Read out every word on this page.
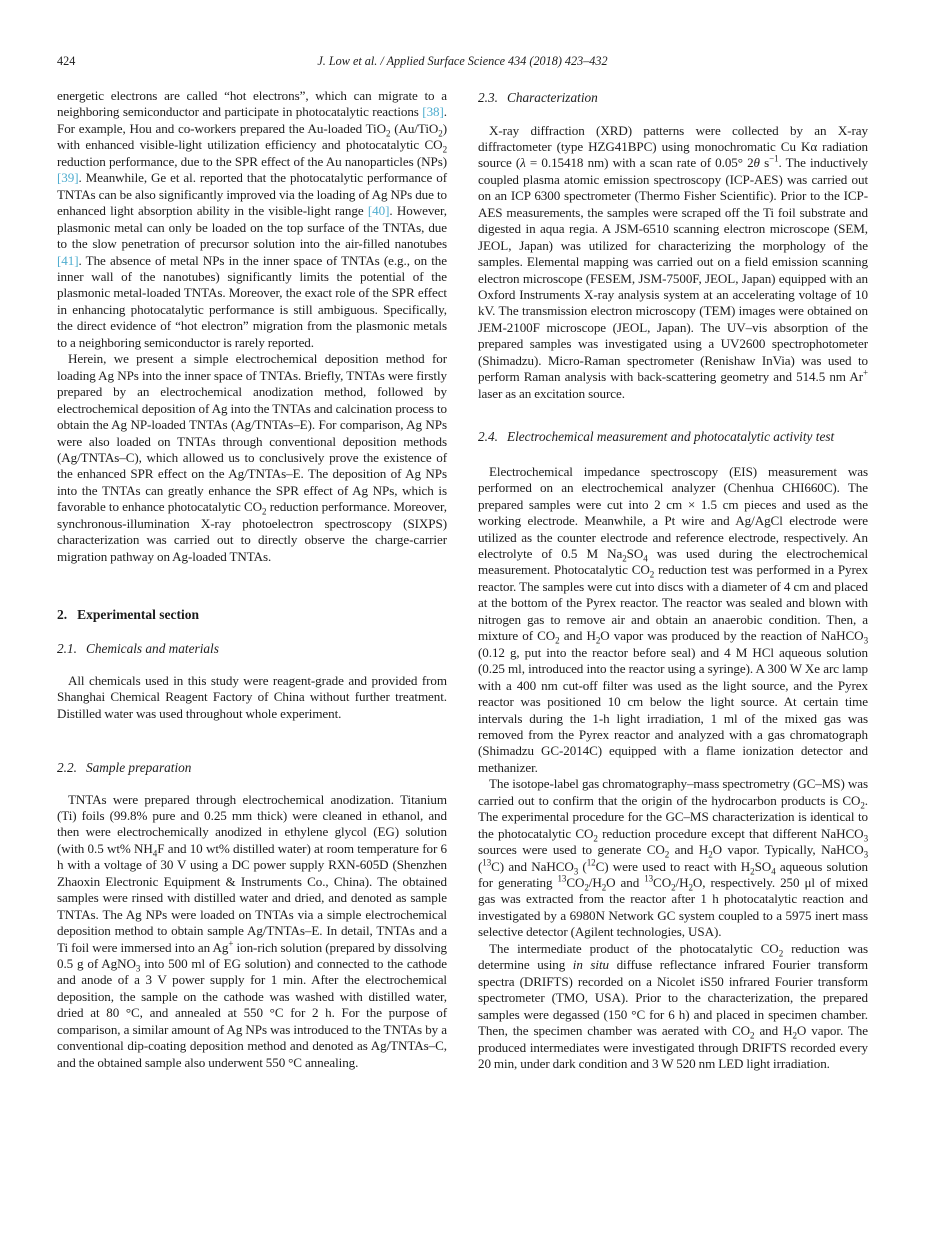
424	J. Low et al. / Applied Surface Science 434 (2018) 423–432

energetic electrons are called “hot electrons”, which can migrate to a neighboring semiconductor and participate in photocatalytic reactions [38]. For example, Hou and co-workers prepared the Au-loaded TiO$_2$ (Au/TiO$_2$) with enhanced visible-light utilization efficiency and photocatalytic $CO_2$ reduction performance, due to the SPR effect of the Au nanoparticles (NPs) [39]. Meanwhile, Ge et al. reported that the photocatalytic performance of TNTAs can be also significantly improved via the loading of Ag NPs due to enhanced light absorption ability in the visible-light range [40]. However, plasmonic metal can only be loaded on the top surface of the TNTAs, due to the slow penetration of precursor solution into the air-filled nanotubes [41]. The absence of metal NPs in the inner space of TNTAs (e.g., on the inner wall of the nanotubes) significantly limits the potential of the plasmonic metal-loaded TNTAs. Moreover, the exact role of the SPR effect in enhancing photocatalytic performance is still ambiguous. Specifically, the direct evidence of “hot electron” migration from the plasmonic metals to a neighboring semiconductor is rarely reported.

Herein, we present a simple electrochemical deposition method for loading Ag NPs into the inner space of TNTAs. Briefly, TNTAs were firstly prepared by an electrochemical anodization method, followed by electrochemical deposition of Ag into the TNTAs and calcination process to obtain the Ag NP-loaded TNTAs (Ag/TNTAs–E). For comparison, Ag NPs were also loaded on TNTAs through conventional deposition methods (Ag/TNTAs–C), which allowed us to conclusively prove the existence of the enhanced SPR effect on the Ag/TNTAs–E. The deposition of Ag NPs into the TNTAs can greatly enhance the SPR effect of Ag NPs, which is favorable to enhance photocatalytic $CO_2$ reduction performance. Moreover, synchronous-illumination X-ray photoelectron spectroscopy (SIXPS) characterization was carried out to directly observe the charge-carrier migration pathway on Ag-loaded TNTAs.

2. Experimental section
2.1. Chemicals and materials

All chemicals used in this study were reagent-grade and provided from Shanghai Chemical Reagent Factory of China without further treatment. Distilled water was used throughout whole experiment.

2.2. Sample preparation

TNTAs were prepared through electrochemical anodization. Titanium (Ti) foils (99.8% pure and 0.25 mm thick) were cleaned in ethanol, and then were electrochemically anodized in ethylene glycol (EG) solution (with 0.5 wt% $NH_4F$ and 10 wt% distilled water) at room temperature for 6 h with a voltage of 30 V using a DC power supply RXN-605D (Shenzhen Zhaoxin Electronic Equipment & Instruments Co., China). The obtained samples were rinsed with distilled water and dried, and denoted as sample TNTAs. The Ag NPs were loaded on TNTAs via a simple electrochemical deposition method to obtain sample Ag/TNTAs–E. In detail, TNTAs and a Ti foil were immersed into an Ag+ ion-rich solution (prepared by dissolving 0.5 g of AgNO$_3$ into 500 ml of EG solution) and connected to the cathode and anode of a 3 V power supply for 1 min. After the electrochemical deposition, the sample on the cathode was washed with distilled water, dried at 80 °C, and annealed at 550 °C for 2 h. For the purpose of comparison, a similar amount of Ag NPs was introduced to the TNTAs by a conventional dip-coating deposition method and denoted as Ag/TNTAs–C, and the obtained sample also underwent 550 °C annealing.

2.3. Characterization

X-ray diffraction (XRD) patterns were collected by an X-ray diffractometer (type HZG41BPC) using monochromatic Cu Kα radiation source (λ = 0.15418 nm) with a scan rate of 0.05° 2θ $s^{-1}$. The inductively coupled plasma atomic emission spectroscopy (ICP-AES) was carried out on an ICP 6300 spectrometer (Thermo Fisher Scientific). Prior to the ICP-AES measurements, the samples were scraped off the Ti foil substrate and digested in aqua regia. A JSM-6510 scanning electron microscope (SEM, JEOL, Japan) was utilized for characterizing the morphology of the samples. Elemental mapping was carried out on a field emission scanning electron microscope (FESEM, JSM-7500F, JEOL, Japan) equipped with an Oxford Instruments X-ray analysis system at an accelerating voltage of 10 kV. The transmission electron microscopy (TEM) images were obtained on JEM-2100F microscope (JEOL, Japan). The UV–vis absorption of the prepared samples was investigated using a UV2600 spectrophotometer (Shimadzu). Micro-Raman spectrometer (Renishaw InVia) was used to perform Raman analysis with back-scattering geometry and 514.5 nm Ar+ laser as an excitation source.

2.4. Electrochemical measurement and photocatalytic activity test

Electrochemical impedance spectroscopy (EIS) measurement was performed on an electrochemical analyzer (Chenhua CHI660C). The prepared samples were cut into 2 cm × 1.5 cm pieces and used as the working electrode. Meanwhile, a Pt wire and Ag/AgCl electrode were utilized as the counter electrode and reference electrode, respectively. An electrolyte of 0.5 M $Na_2SO_4$ was used during the electrochemical measurement. Photocatalytic $CO_2$ reduction test was performed in a Pyrex reactor. The samples were cut into discs with a diameter of 4 cm and placed at the bottom of the Pyrex reactor. The reactor was sealed and blown with nitrogen gas to remove air and obtain an anaerobic condition. Then, a mixture of $CO_2$ and $H_2O$ vapor was produced by the reaction of NaHCO$_3$ (0.12 g, put into the reactor before seal) and 4 M HCl aqueous solution (0.25 ml, introduced into the reactor using a syringe). A 300 W Xe arc lamp with a 400 nm cut-off filter was used as the light source, and the Pyrex reactor was positioned 10 cm below the light source. At certain time intervals during the 1-h light irradiation, 1 ml of the mixed gas was removed from the Pyrex reactor and analyzed with a gas chromatograph (Shimadzu GC-2014C) equipped with a flame ionization detector and methanizer.

The isotope-label gas chromatography–mass spectrometry (GC–MS) was carried out to confirm that the origin of the hydrocarbon products is $CO_2$. The experimental procedure for the GC–MS characterization is identical to the photocatalytic $CO_2$ reduction procedure except that different NaHCO$_3$ sources were used to generate $CO_2$ and $H_2O$ vapor. Typically, NaHCO$_3$ ($^{13}$C) and NaHCO$_3$ ($^{12}$C) were used to react with $H_2SO_4$ aqueous solution for generating $^{13}CO_2/H_2O$ and $^{13}CO_2/H_2O$, respectively. 250 μl of mixed gas was extracted from the reactor after 1 h photocatalytic reaction and investigated by a 6980N Network GC system coupled to a 5975 inert mass selective detector (Agilent technologies, USA).

The intermediate product of the photocatalytic $CO_2$ reduction was determine using in situ diffuse reflectance infrared Fourier transform spectra (DRIFTS) recorded on a Nicolet iS50 infrared Fourier transform spectrometer (TMO, USA). Prior to the characterization, the prepared samples were degassed (150 °C for 6 h) and placed in specimen chamber. Then, the specimen chamber was aerated with $CO_2$ and $H_2O$ vapor. The produced intermediates were investigated through DRIFTS recorded every 20 min, under dark condition and 3 W 520 nm LED light irradiation.
